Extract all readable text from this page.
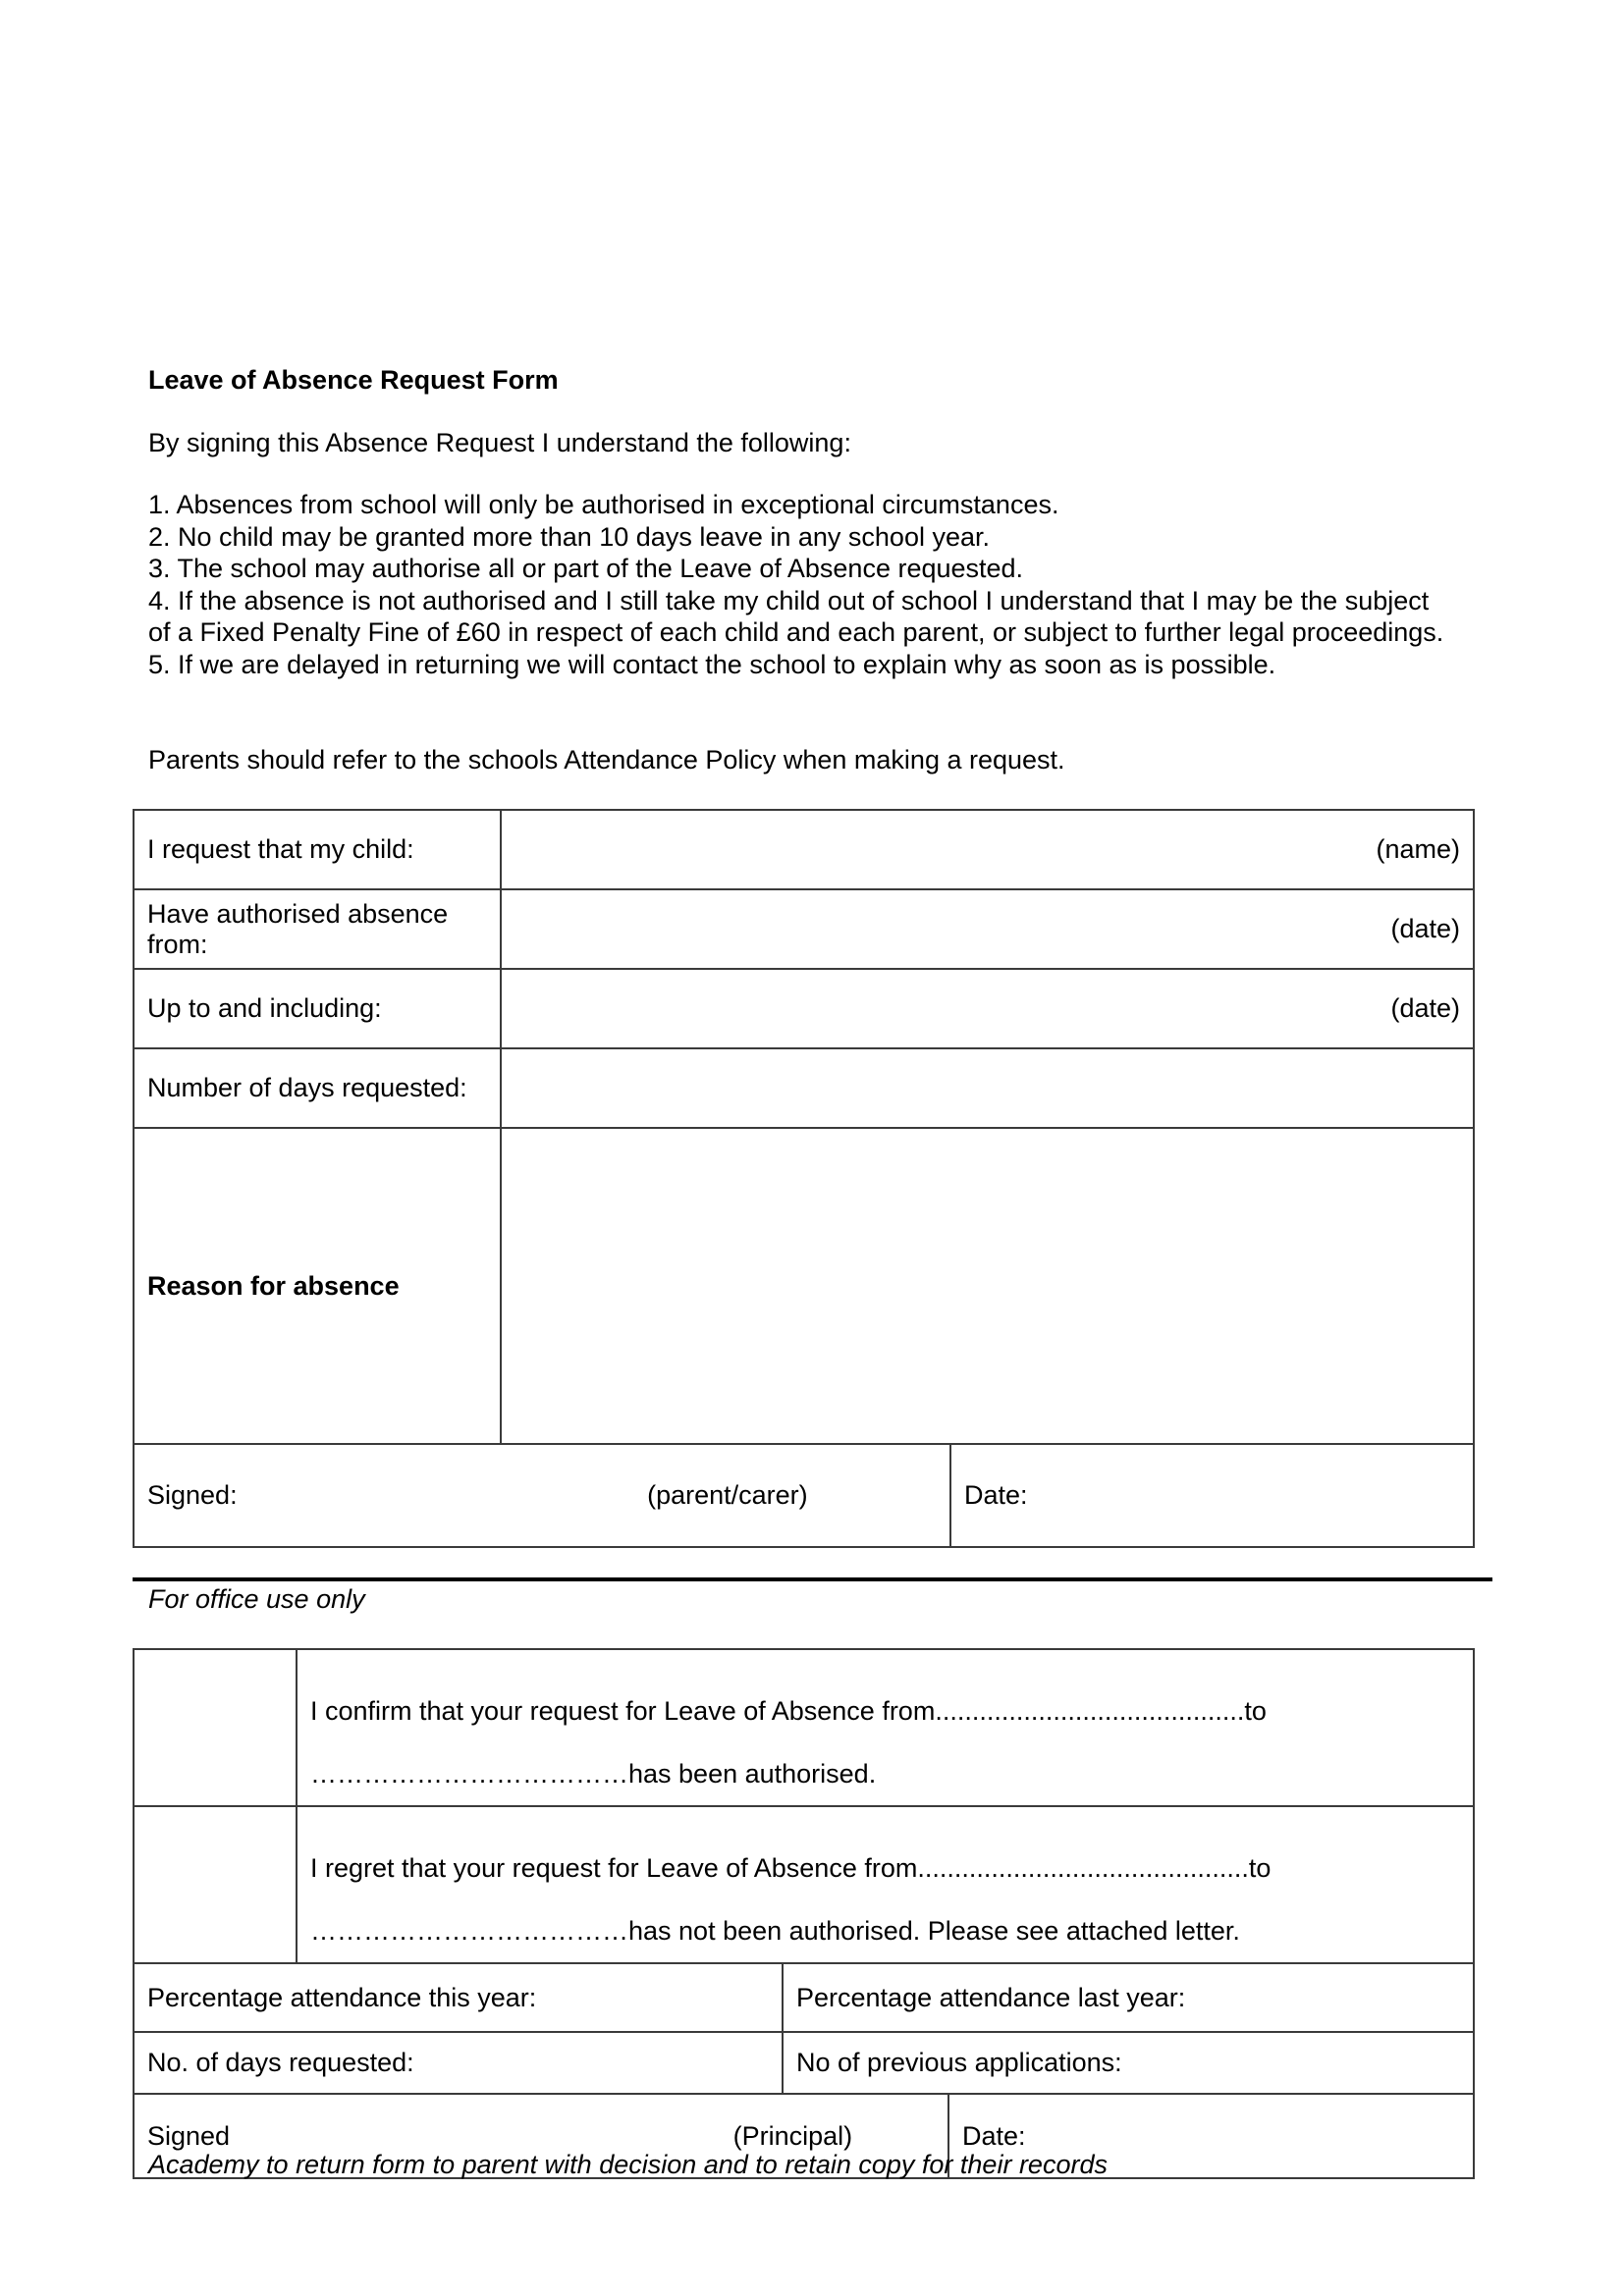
Leave of Absence Request Form
By signing this Absence Request I understand the following:
1. Absences from school will only be authorised in exceptional circumstances.
2. No child may be granted more than 10 days leave in any school year.
3. The school may authorise all or part of the Leave of Absence requested.
4. If the absence is not authorised and I still take my child out of school I understand that I may be the subject of a Fixed Penalty Fine of £60 in respect of each child and each parent, or subject to further legal proceedings.
5. If we are delayed in returning we will contact the school to explain why as soon as is possible.
Parents should refer to the schools Attendance Policy when making a request.
I request that my child:	(name)	
Have authorised absence from:	(date)	
Up to and including:	(date)	
Number of days requested:		
Reason for absence		
Signed: (parent/carer)		Date:
For office use only

	I confirm that your request for Leave of Absence from..........................................to
………………………………has been authorised.		

	I regret that your request for Leave of Absence from.............................................to
………………………………has not been authorised. Please see attached letter.		

Percentage attendance this year:		Percentage attendance last year:	
No. of days requested:		No of previous applications:	
Signed (Principal)			Date:
Academy to return form to parent with decision and to retain copy for their records
